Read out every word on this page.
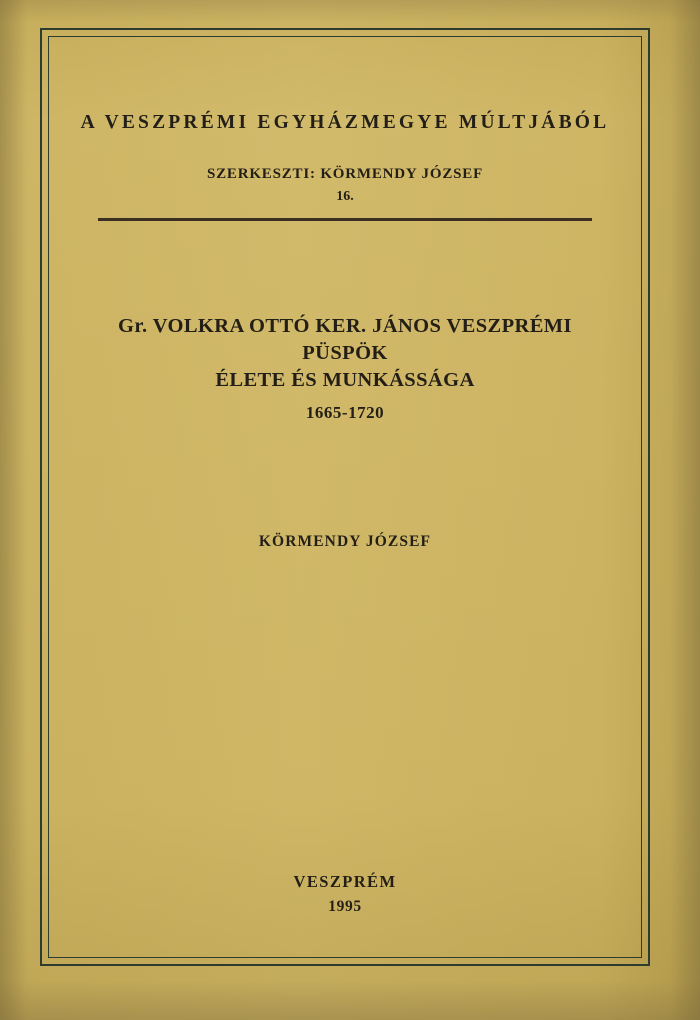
A VESZPRÉMI EGYHÁZMEGYE MÚLTJÁBÓL
SZERKESZTI: KÖRMENDY JÓZSEF
16.
Gr. VOLKRA OTTÓ KER. JÁNOS VESZPRÉMI PÜSPÖK
ÉLETE ÉS MUNKÁSSÁGA
1665-1720
KÖRMENDY JÓZSEF
VESZPRÉM
1995
